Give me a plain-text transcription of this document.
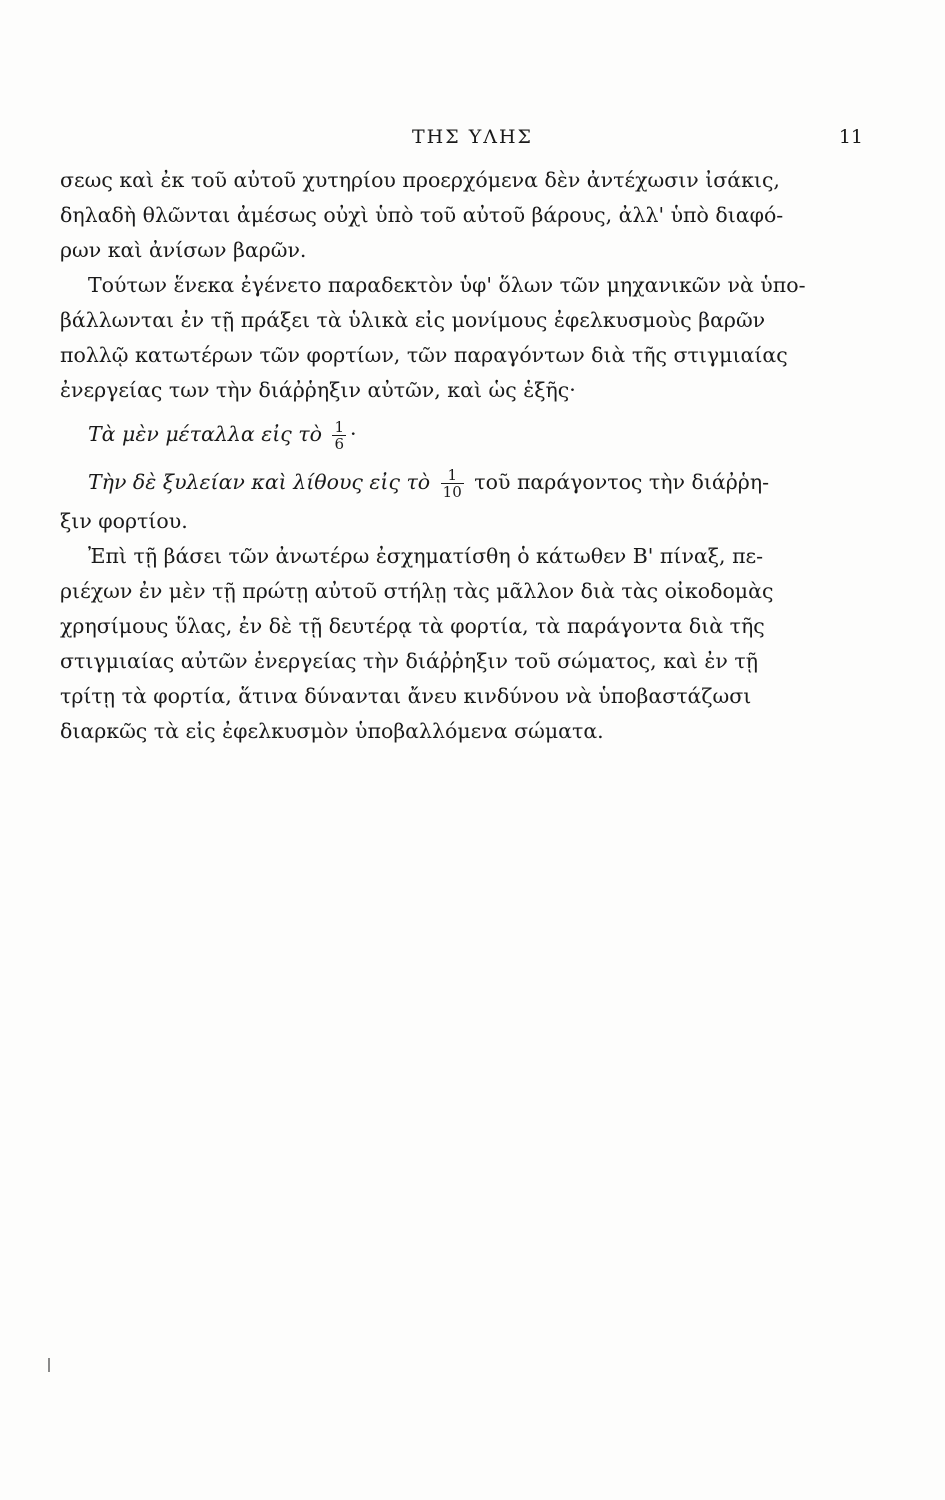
ΤΗΣ ΥΛΗΣ	11

σεως καὶ ἐκ τοῦ αὐτοῦ χυτηρίου προερχόμενα δὲν ἀντέχωσιν ἰσάκις,
δηλαδὴ θλῶνται ἀμέσως οὐχὶ ὑπὸ τοῦ αὐτοῦ βάρους, ἀλλ' ὑπὸ διαφό-
ρων καὶ ἀνίσων βαρῶν.

Τούτων ἕνεκα ἐγένετο παραδεκτὸν ὑφ' ὅλων τῶν μηχανικῶν νὰ ὑπο-
βάλλωνται ἐν τῇ πράξει τὰ ὑλικὰ εἰς μονίμους ἐφελκυσμοὺς βαρῶν
πολλῷ κατωτέρων τῶν φορτίων, τῶν παραγόντων διὰ τῆς στιγμιαίας
ἐνεργείας των τὴν διάῤῥηξιν αὐτῶν, καὶ ὡς ἑξῆς·

Τὰ μὲν μέταλλα εἰς τὸ $\frac{1}{6}$ ·

Τὴν δὲ ξυλείαν καὶ λίθους εἰς τὸ $\frac{1}{10}$ τοῦ παράγοντος τὴν διάῤῥη-
ξιν φορτίου.

Ἐπὶ τῇ βάσει τῶν ἀνωτέρω ἐσχηματίσθη ὁ κάτωθεν Β' πίναξ, πε-
ριέχων ἐν μὲν τῇ πρώτῃ αὐτοῦ στήλῃ τὰς μᾶλλον διὰ τὰς οἰκοδομὰς
χρησίμους ὕλας, ἐν δὲ τῇ δευτέρᾳ τὰ φορτία, τὰ παράγοντα διὰ τῆς
στιγμιαίας αὐτῶν ἐνεργείας τὴν διάῤῥηξιν τοῦ σώματος, καὶ ἐν τῇ
τρίτῃ τὰ φορτία, ἅτινα δύνανται ἄνευ κινδύνου νὰ ὑποβαστάζωσι
διαρκῶς τὰ εἰς ἐφελκυσμὸν ὑποβαλλόμενα σώματα.
